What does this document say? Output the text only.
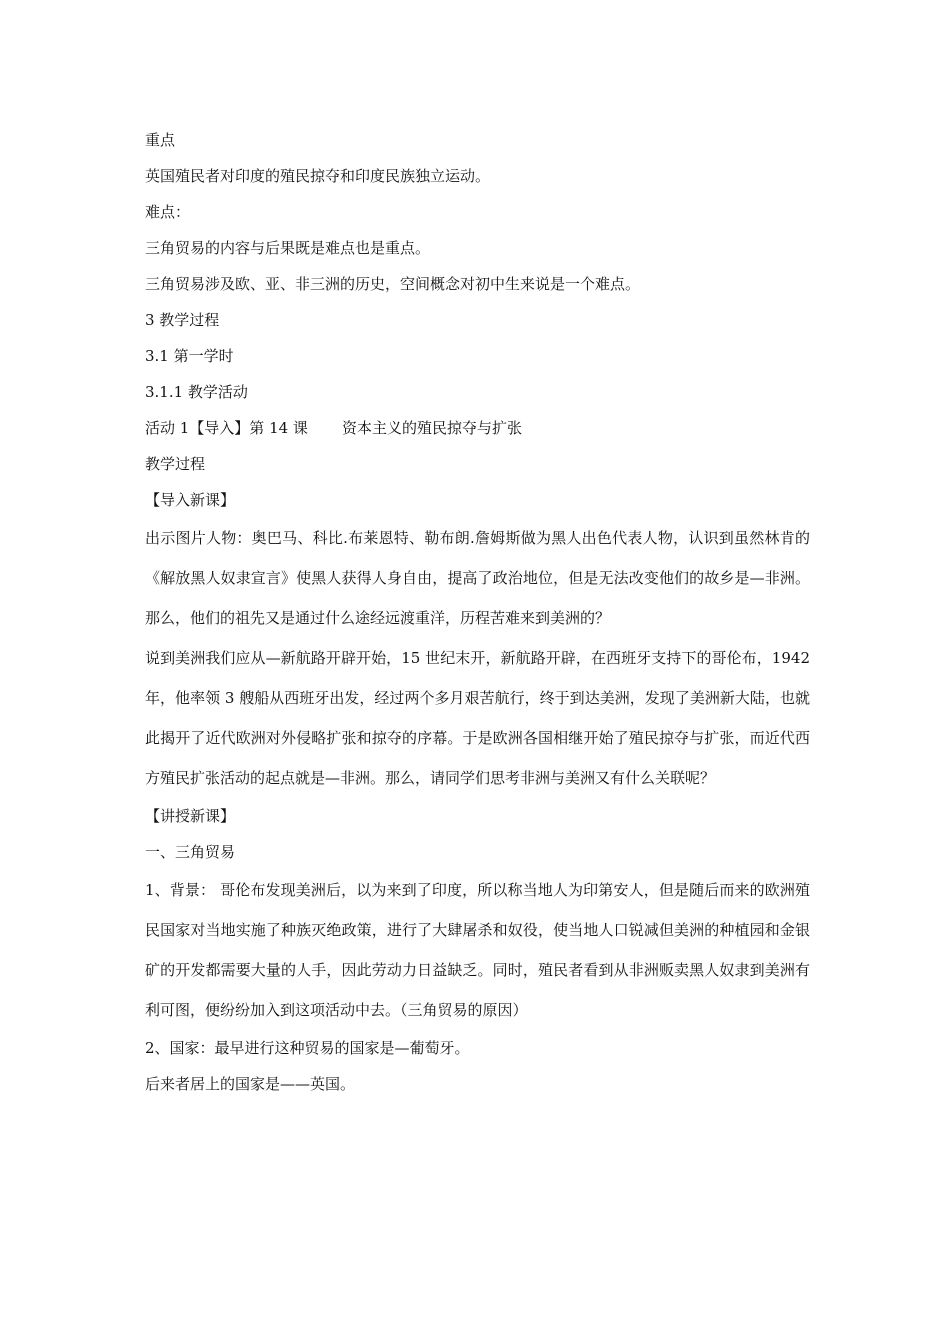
重点
英国殖民者对印度的殖民掠夺和印度民族独立运动。
难点：
三角贸易的内容与后果既是难点也是重点。
三角贸易涉及欧、亚、非三洲的历史，空间概念对初中生来说是一个难点。
3 教学过程
3.1 第一学时
3.1.1 教学活动
活动 1【导入】第 14 课 资本主义的殖民掠夺与扩张
教学过程
【导入新课】
出示图片人物：奥巴马、科比.布莱恩特、勒布朗.詹姆斯做为黑人出色代表人物，认识到虽然林肯的《解放黑人奴隶宣言》使黑人获得人身自由，提高了政治地位，但是无法改变他们的故乡是—非洲。那么，他们的祖先又是通过什么途经远渡重洋，历程苦难来到美洲的？
说到美洲我们应从—新航路开辟开始，15 世纪末开，新航路开辟，在西班牙支持下的哥伦布，1942 年，他率领 3 艘船从西班牙出发，经过两个多月艰苦航行，终于到达美洲，发现了美洲新大陆，也就此揭开了近代欧洲对外侵略扩张和掠夺的序幕。于是欧洲各国相继开始了殖民掠夺与扩张，而近代西方殖民扩张活动的起点就是—非洲。那么，请同学们思考非洲与美洲又有什么关联呢？
【讲授新课】
一、三角贸易
1、背景： 哥伦布发现美洲后，以为来到了印度，所以称当地人为印第安人，但是随后而来的欧洲殖民国家对当地实施了种族灭绝政策，进行了大肆屠杀和奴役，使当地人口锐减但美洲的种植园和金银矿的开发都需要大量的人手，因此劳动力日益缺乏。同时，殖民者看到从非洲贩卖黑人奴隶到美洲有利可图，便纷纷加入到这项活动中去。（三角贸易的原因）
2、国家：最早进行这种贸易的国家是—葡萄牙。
后来者居上的国家是——英国。
